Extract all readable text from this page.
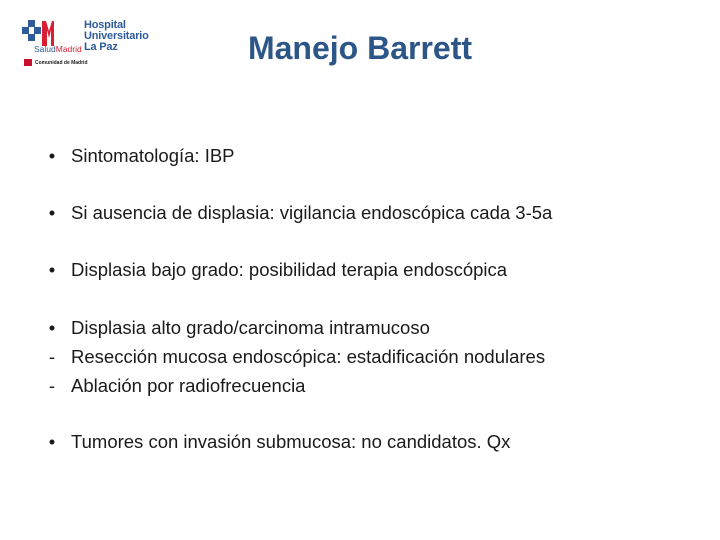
Hospital Universitario
La Paz
SaludMadrid
Comunidad de Madrid	Manejo Barrett
• Sintomatología: IBP
• Si ausencia de displasia: vigilancia endoscópica cada 3-5a
• Displasia bajo grado: posibilidad terapia endoscópica
• Displasia alto grado/carcinoma intramucoso
- Resección mucosa endoscópica: estadificación nodulares
- Ablación por radiofrecuencia
• Tumores con invasión submucosa: no candidatos. Qx
